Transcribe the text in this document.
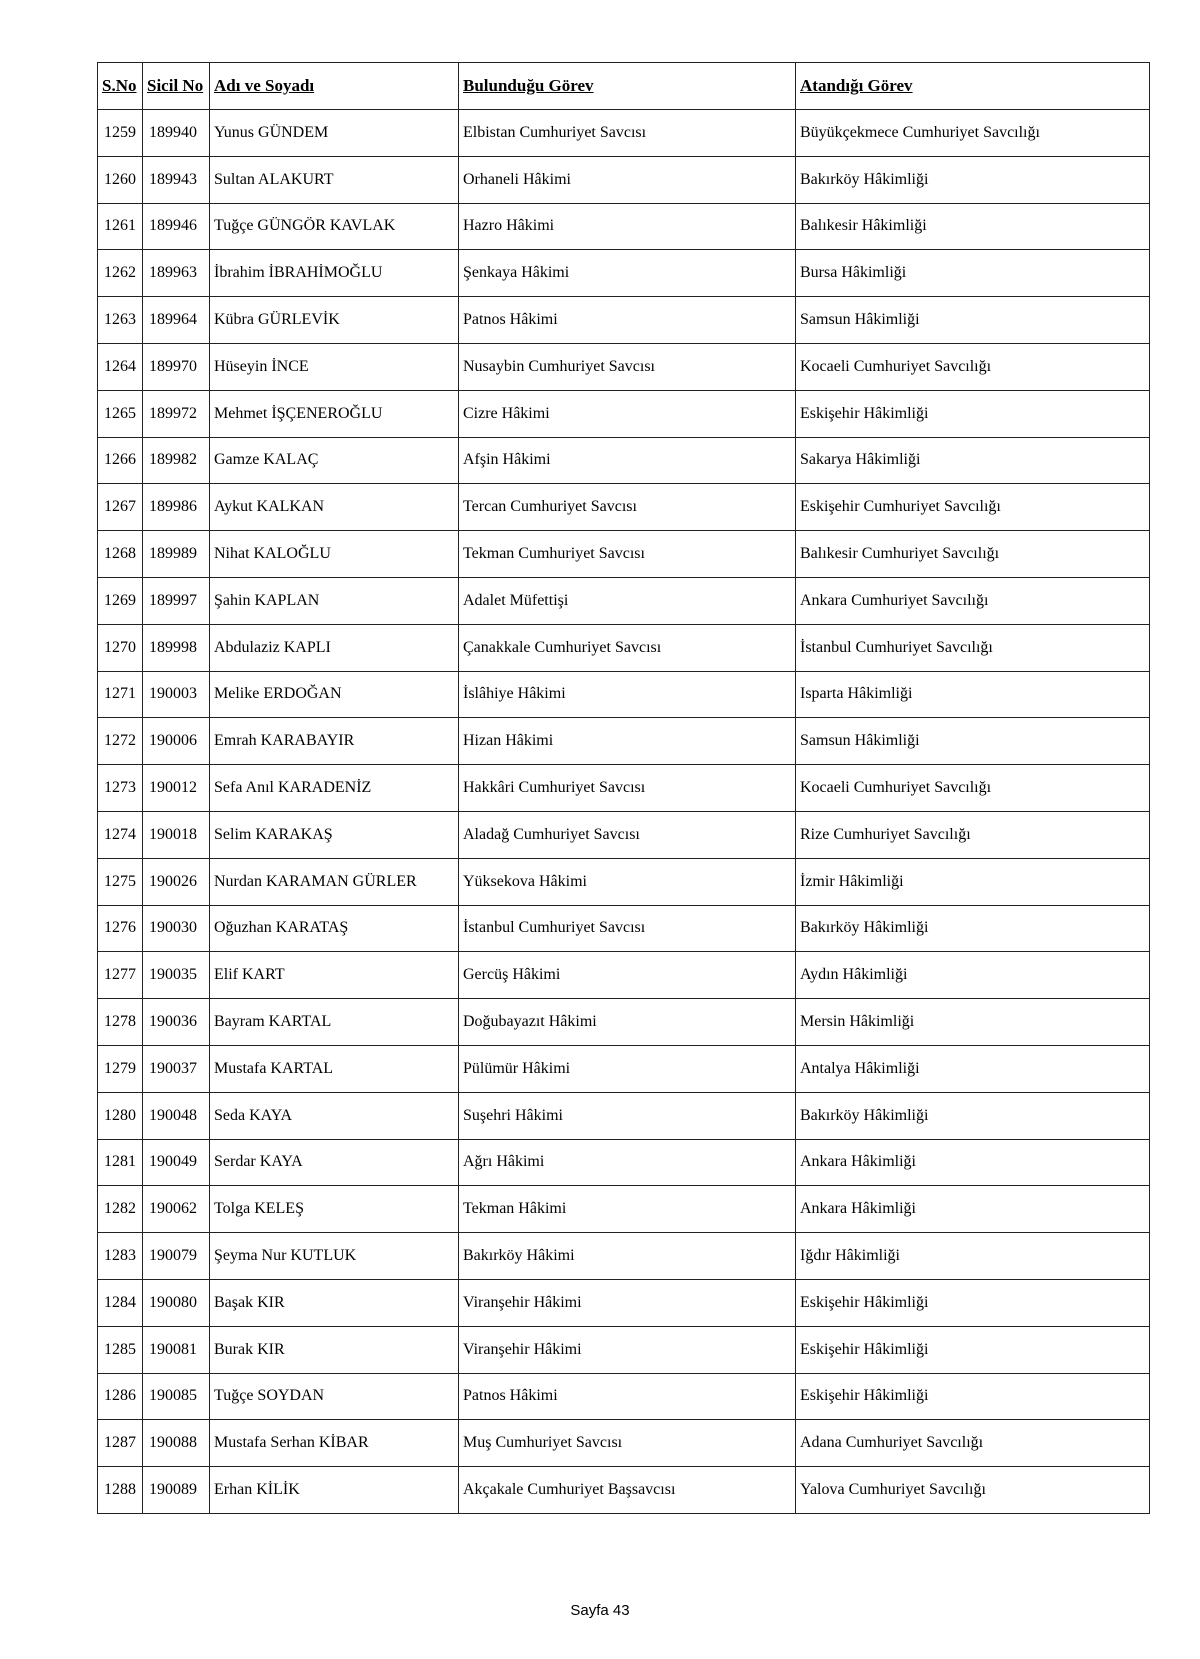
S.No	Sicil No	Adı ve Soyadı	Bulunduğu Görev	Atandığı Görev
1259	189940	Yunus GÜNDEM	Elbistan Cumhuriyet Savcısı	Büyükçekmece Cumhuriyet Savcılığı
1260	189943	Sultan ALAKURT	Orhaneli Hâkimi	Bakırköy Hâkimliği
1261	189946	Tuğçe GÜNGÖR KAVLAK	Hazro Hâkimi	Balıkesir Hâkimliği
1262	189963	İbrahim İBRAHİMOĞLU	Şenkaya Hâkimi	Bursa Hâkimliği
1263	189964	Kübra GÜRLEVİK	Patnos Hâkimi	Samsun Hâkimliği
1264	189970	Hüseyin İNCE	Nusaybin Cumhuriyet Savcısı	Kocaeli Cumhuriyet Savcılığı
1265	189972	Mehmet İŞÇENEROĞLU	Cizre Hâkimi	Eskişehir Hâkimliği
1266	189982	Gamze KALAÇ	Afşin Hâkimi	Sakarya Hâkimliği
1267	189986	Aykut KALKAN	Tercan Cumhuriyet Savcısı	Eskişehir Cumhuriyet Savcılığı
1268	189989	Nihat KALOĞLU	Tekman Cumhuriyet Savcısı	Balıkesir Cumhuriyet Savcılığı
1269	189997	Şahin KAPLAN	Adalet Müfettişi	Ankara Cumhuriyet Savcılığı
1270	189998	Abdulaziz KAPLI	Çanakkale Cumhuriyet Savcısı	İstanbul Cumhuriyet Savcılığı
1271	190003	Melike ERDOĞAN	İslâhiye Hâkimi	Isparta Hâkimliği
1272	190006	Emrah KARABAYIR	Hizan Hâkimi	Samsun Hâkimliği
1273	190012	Sefa Anıl KARADENİZ	Hakkâri Cumhuriyet Savcısı	Kocaeli Cumhuriyet Savcılığı
1274	190018	Selim KARAKAŞ	Aladağ Cumhuriyet Savcısı	Rize Cumhuriyet Savcılığı
1275	190026	Nurdan KARAMAN GÜRLER	Yüksekova Hâkimi	İzmir Hâkimliği
1276	190030	Oğuzhan KARATAŞ	İstanbul Cumhuriyet Savcısı	Bakırköy Hâkimliği
1277	190035	Elif KART	Gercüş Hâkimi	Aydın Hâkimliği
1278	190036	Bayram KARTAL	Doğubayazıt Hâkimi	Mersin Hâkimliği
1279	190037	Mustafa KARTAL	Pülümür Hâkimi	Antalya Hâkimliği
1280	190048	Seda KAYA	Suşehri Hâkimi	Bakırköy Hâkimliği
1281	190049	Serdar KAYA	Ağrı Hâkimi	Ankara Hâkimliği
1282	190062	Tolga KELEŞ	Tekman Hâkimi	Ankara Hâkimliği
1283	190079	Şeyma Nur KUTLUK	Bakırköy Hâkimi	Iğdır Hâkimliği
1284	190080	Başak KIR	Viranşehir Hâkimi	Eskişehir Hâkimliği
1285	190081	Burak KIR	Viranşehir Hâkimi	Eskişehir Hâkimliği
1286	190085	Tuğçe SOYDAN	Patnos Hâkimi	Eskişehir Hâkimliği
1287	190088	Mustafa Serhan KİBAR	Muş Cumhuriyet Savcısı	Adana Cumhuriyet Savcılığı
1288	190089	Erhan KİLİK	Akçakale Cumhuriyet Başsavcısı	Yalova Cumhuriyet Savcılığı
Sayfa 43
